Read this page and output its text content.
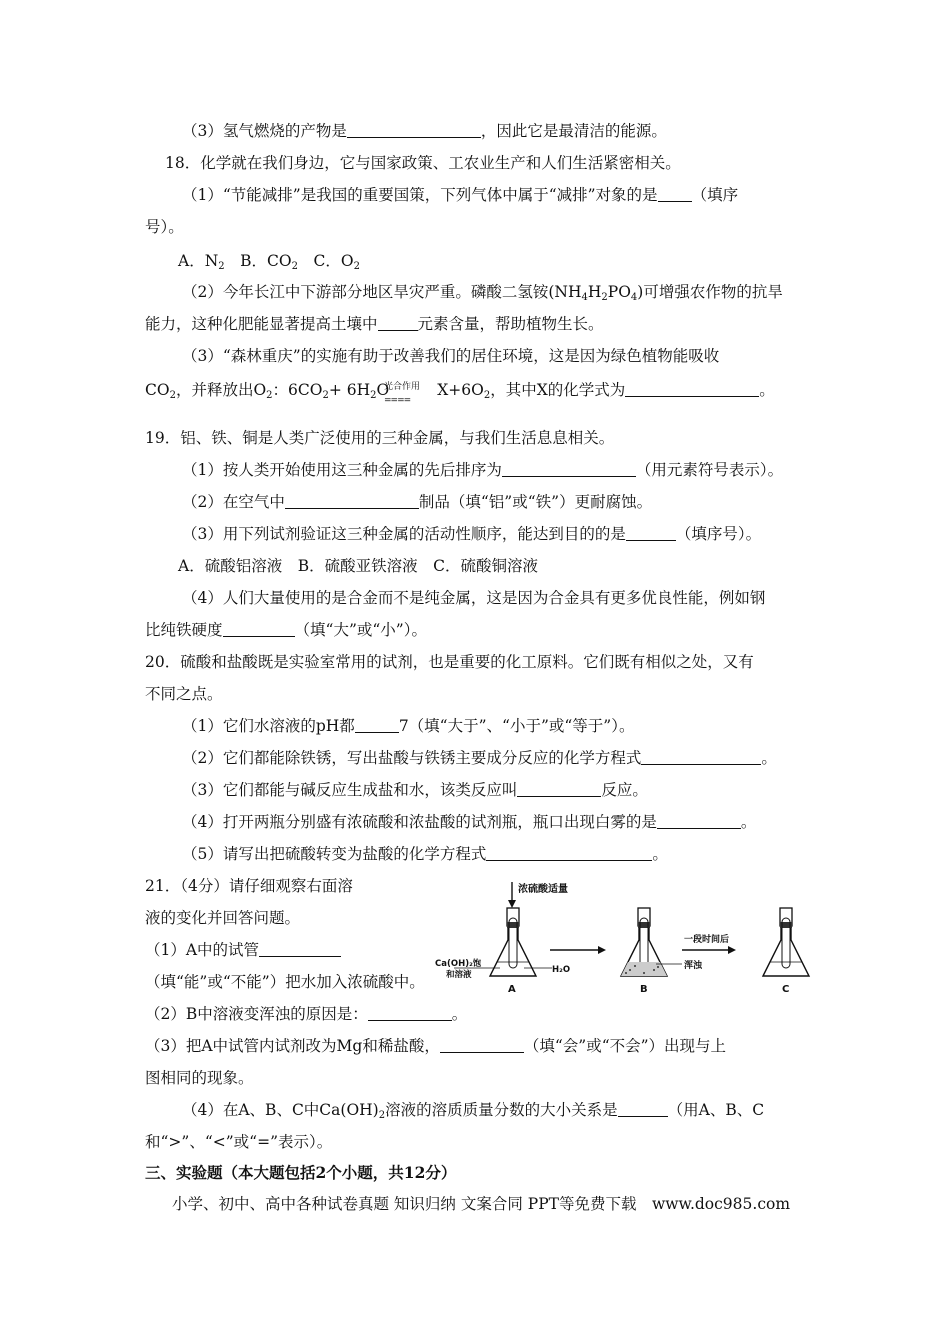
（3）氢气燃烧的产物是	，因此它是最清洁的能源。
18．化学就在我们身边，它与国家政策、工农业生产和人们生活紧密相关。
（1）“节能减排”是我国的重要国策，下列气体中属于“减排”对象的是 （填序
号）。
A．$N_2$　B．$CO_2$　C．$O_2$
（2）今年长江中下游部分地区旱灾严重。磷酸二氢铵$(NH_4H_2PO_4)$可增强农作物的抗旱
能力，这种化肥能显著提高土壤中	元素含量，帮助植物生长。
（3）“森林重庆”的实施有助于改善我们的居住环境，这是因为绿色植物能吸收
$CO_2$，并释放出$O_2$：$6CO_2+ 6H_2O$	$X+6O_2$，其中X的化学式为	。
光合作用
====
19．铝、铁、铜是人类广泛使用的三种金属，与我们生活息息相关。
（1）按人类开始使用这三种金属的先后排序为	（用元素符号表示）。
（2）在空气中	制品（填“铝”或“铁”）更耐腐蚀。
（3）用下列试剂验证这三种金属的活动性顺序，能达到目的的是	（填序号）。
A．硫酸铝溶液　B．硫酸亚铁溶液　C．硫酸铜溶液
（4）人们大量使用的是合金而不是纯金属，这是因为合金具有更多优良性能，例如钢
比纯铁硬度	（填“大”或“小”）。
20．硫酸和盐酸既是实验室常用的试剂，也是重要的化工原料。它们既有相似之处，又有
不同之点。
（1）它们水溶液的pH都	7（填“大于”、“小于”或“等于”）。
（2）它们都能除铁锈，写出盐酸与铁锈主要成分反应的化学方程式	。
（3）它们都能与碱反应生成盐和水，该类反应叫	反应。
（4）打开两瓶分别盛有浓硫酸和浓盐酸的试剂瓶，瓶口出现白雾的是	。
（5）请写出把硫酸转变为盐酸的化学方程式	。
21．（4分）请仔细观察右面溶
液的变化并回答问题。
（1）A中的试管
（填“能”或“不能”）把水加入浓硫酸中。
（2）B中溶液变浑浊的原因是：	。
（3）把A中试管内试剂改为Mg和稀盐酸，	（填“会”或“不会”）出现与上
图相同的现象。
（4）在A、B、C中$Ca(OH)_2$溶液的溶质质量分数的大小关系是	（用A、B、C
和“>”、“<”或“=”表示）。
三、实验题（本大题包括2个小题，共12分）
小学、初中、高中各种试卷真题 知识归纳 文案合同 PPT等免费下载　www.doc985.com
浓硫酸适量
Ca(OH)₂饱
和溶液	H₂O
A
浑浊
B
一段时间后
C
